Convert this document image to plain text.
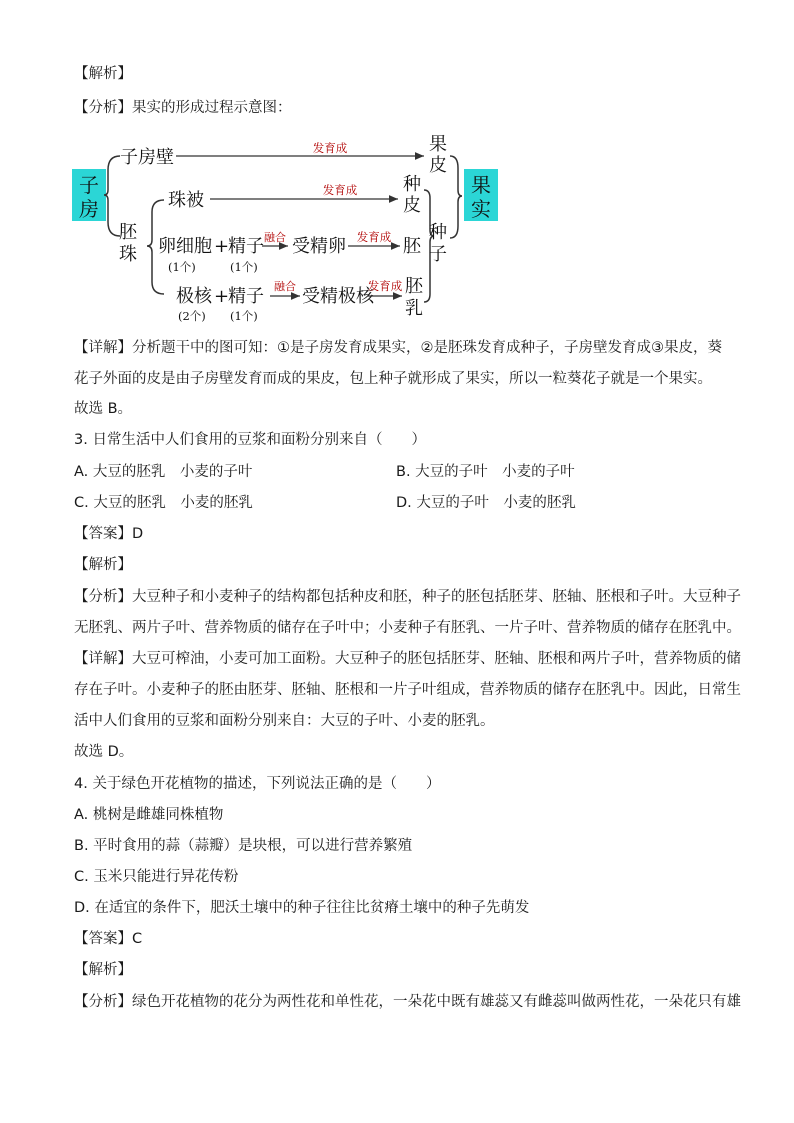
【解析】
【分析】果实的形成过程示意图：
子
房
子房
子房壁	发育成	果
皮
胚
珠
珠被	发育成	种
皮
卵细胞
(1个)
+
精子
(1个)
融合 受精卵 发育成 胚
极核
(2个)
+
精子
(1个)
融合 受精极核
发育成 胚
乳
种
子
果
实
【详解】分析题干中的图可知：①是子房发育成果实，②是胚珠发育成种子，子房壁发育成③果皮，葵
花子外面的皮是由子房壁发育而成的果皮，包上种子就形成了果实，所以一粒葵花子就是一个果实。
故选 B。
3. 日常生活中人们食用的豆浆和面粉分别来自（　　）
A. 大豆的胚乳　小麦的子叶	B. 大豆的子叶　小麦的子叶
C. 大豆的胚乳　小麦的胚乳	D. 大豆的子叶　小麦的胚乳
【答案】D
【解析】
【分析】大豆种子和小麦种子的结构都包括种皮和胚，种子的胚包括胚芽、胚轴、胚根和子叶。大豆种子
无胚乳、两片子叶、营养物质的储存在子叶中；小麦种子有胚乳、一片子叶、营养物质的储存在胚乳中。
【详解】大豆可榨油，小麦可加工面粉。大豆种子的胚包括胚芽、胚轴、胚根和两片子叶，营养物质的储
存在子叶。小麦种子的胚由胚芽、胚轴、胚根和一片子叶组成，营养物质的储存在胚乳中。因此，日常生
活中人们食用的豆浆和面粉分别来自：大豆的子叶、小麦的胚乳。
故选 D。
4. 关于绿色开花植物的描述，下列说法正确的是（　　）
A. 桃树是雌雄同株植物
B. 平时食用的蒜（蒜瓣）是块根，可以进行营养繁殖
C. 玉米只能进行异花传粉
D. 在适宜的条件下，肥沃土壤中的种子往往比贫瘠土壤中的种子先萌发
【答案】C
【解析】
【分析】绿色开花植物的花分为两性花和单性花，一朵花中既有雄蕊又有雌蕊叫做两性花，一朵花只有雄
